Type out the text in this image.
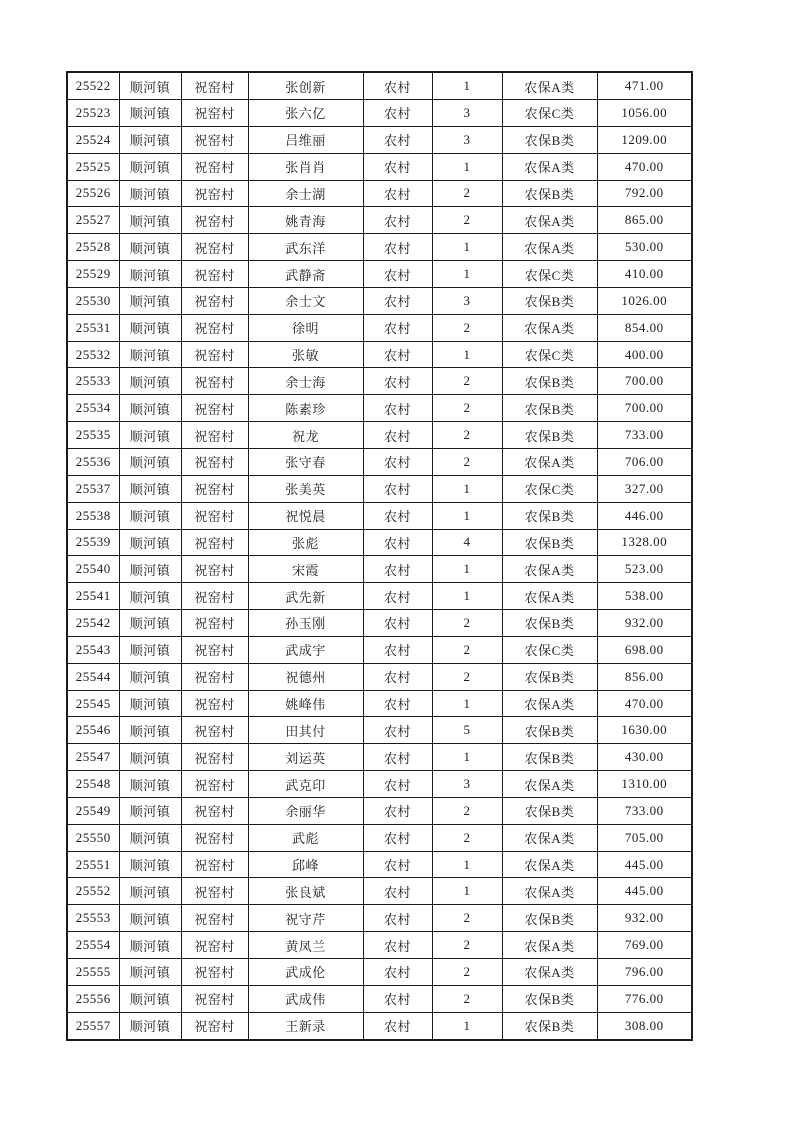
25522	顺河镇	祝窑村	张创新	农村	1	农保A类	471.00
25523	顺河镇	祝窑村	张六亿	农村	3	农保C类	1056.00
25524	顺河镇	祝窑村	吕维丽	农村	3	农保B类	1209.00
25525	顺河镇	祝窑村	张肖肖	农村	1	农保A类	470.00
25526	顺河镇	祝窑村	余士湖	农村	2	农保B类	792.00
25527	顺河镇	祝窑村	姚青海	农村	2	农保A类	865.00
25528	顺河镇	祝窑村	武东洋	农村	1	农保A类	530.00
25529	顺河镇	祝窑村	武静斋	农村	1	农保C类	410.00
25530	顺河镇	祝窑村	余士文	农村	3	农保B类	1026.00
25531	顺河镇	祝窑村	徐明	农村	2	农保A类	854.00
25532	顺河镇	祝窑村	张敏	农村	1	农保C类	400.00
25533	顺河镇	祝窑村	余士海	农村	2	农保B类	700.00
25534	顺河镇	祝窑村	陈素珍	农村	2	农保B类	700.00
25535	顺河镇	祝窑村	祝龙	农村	2	农保B类	733.00
25536	顺河镇	祝窑村	张守春	农村	2	农保A类	706.00
25537	顺河镇	祝窑村	张美英	农村	1	农保C类	327.00
25538	顺河镇	祝窑村	祝悦晨	农村	1	农保B类	446.00
25539	顺河镇	祝窑村	张彪	农村	4	农保B类	1328.00
25540	顺河镇	祝窑村	宋霞	农村	1	农保A类	523.00
25541	顺河镇	祝窑村	武先新	农村	1	农保A类	538.00
25542	顺河镇	祝窑村	孙玉刚	农村	2	农保B类	932.00
25543	顺河镇	祝窑村	武成宇	农村	2	农保C类	698.00
25544	顺河镇	祝窑村	祝德州	农村	2	农保B类	856.00
25545	顺河镇	祝窑村	姚峰伟	农村	1	农保A类	470.00
25546	顺河镇	祝窑村	田其付	农村	5	农保B类	1630.00
25547	顺河镇	祝窑村	刘运英	农村	1	农保B类	430.00
25548	顺河镇	祝窑村	武克印	农村	3	农保A类	1310.00
25549	顺河镇	祝窑村	余丽华	农村	2	农保B类	733.00
25550	顺河镇	祝窑村	武彪	农村	2	农保A类	705.00
25551	顺河镇	祝窑村	邱峰	农村	1	农保A类	445.00
25552	顺河镇	祝窑村	张良斌	农村	1	农保A类	445.00
25553	顺河镇	祝窑村	祝守芹	农村	2	农保B类	932.00
25554	顺河镇	祝窑村	黄凤兰	农村	2	农保A类	769.00
25555	顺河镇	祝窑村	武成伦	农村	2	农保A类	796.00
25556	顺河镇	祝窑村	武成伟	农村	2	农保B类	776.00
25557	顺河镇	祝窑村	王新录	农村	1	农保B类	308.00
